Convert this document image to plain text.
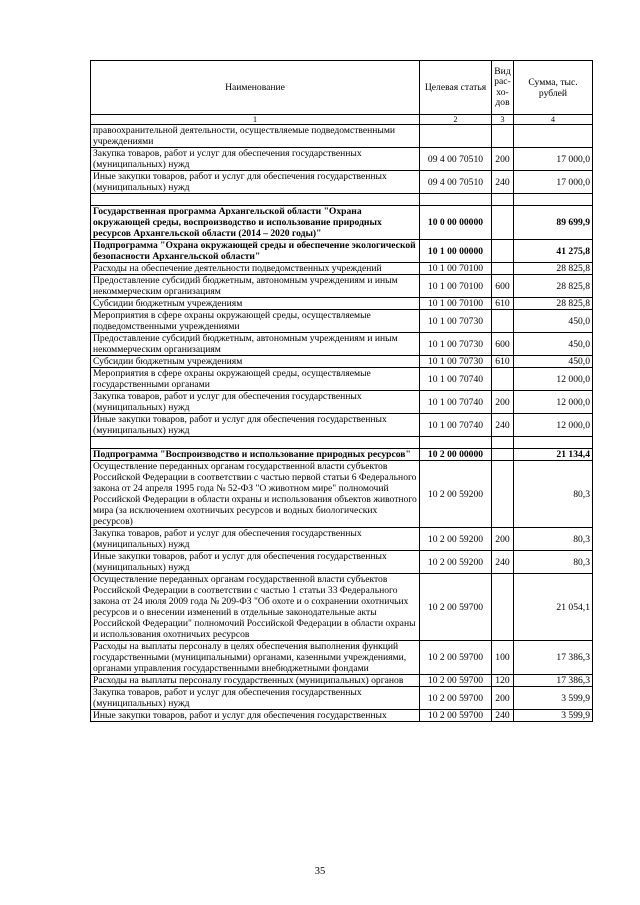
Наименование	Целевая статья	Вид рас-хо-дов	Сумма, тыс. рублей
1	2	3	4
правоохранительной деятельности, осуществляемые подведомственными учреждениями			
Закупка товаров, работ и услуг для обеспечения государственных (муниципальных) нужд	09 4 00 70510	200	17 000,0
Иные закупки товаров, работ и услуг для обеспечения государственных (муниципальных) нужд	09 4 00 70510	240	17 000,0

Государственная программа Архангельской области "Охрана окружающей среды, воспроизводство и использование природных ресурсов Архангельской области (2014 – 2020 годы)"	10 0 00 00000		89 699,9
Подпрограмма "Охрана окружающей среды и обеспечение экологической безопасности Архангельской области"	10 1 00 00000		41 275,8
Расходы на обеспечение деятельности подведомственных учреждений	10 1 00 70100		28 825,8
Предоставление субсидий бюджетным, автономным учреждениям и иным некоммерческим организациям	10 1 00 70100	600	28 825,8
Субсидии бюджетным учреждениям	10 1 00 70100	610	28 825,8
Мероприятия в сфере охраны окружающей среды, осуществляемые подведомственными учреждениями	10 1 00 70730		450,0
Предоставление субсидий бюджетным, автономным учреждениям и иным некоммерческим организациям	10 1 00 70730	600	450,0
Субсидии бюджетным учреждениям	10 1 00 70730	610	450,0
Мероприятия в сфере охраны окружающей среды, осуществляемые государственными органами	10 1 00 70740		12 000,0
Закупка товаров, работ и услуг для обеспечения государственных (муниципальных) нужд	10 1 00 70740	200	12 000,0
Иные закупки товаров, работ и услуг для обеспечения государственных (муниципальных) нужд	10 1 00 70740	240	12 000,0

Подпрограмма "Воспроизводство и использование природных ресурсов"	10 2 00 00000		21 134,4
Осуществление переданных органам государственной власти субъектов Российской Федерации в соответствии с частью первой статьи 6 Федерального закона от 24 апреля 1995 года № 52-ФЗ "О животном мире" полномочий Российской Федерации в области охраны и использования объектов животного мира (за исключением охотничьих ресурсов и водных биологических ресурсов)	10 2 00 59200		80,3
Закупка товаров, работ и услуг для обеспечения государственных (муниципальных) нужд	10 2 00 59200	200	80,3
Иные закупки товаров, работ и услуг для обеспечения государственных (муниципальных) нужд	10 2 00 59200	240	80,3
Осуществление переданных органам государственной власти субъектов Российской Федерации в соответствии с частью 1 статьи 33 Федерального закона от 24 июля 2009 года № 209-ФЗ "Об охоте и о сохранении охотничьих ресурсов и о внесении изменений в отдельные законодательные акты Российской Федерации" полномочий Российской Федерации в области охраны и использования охотничьих ресурсов	10 2 00 59700		21 054,1
Расходы на выплаты персоналу в целях обеспечения выполнения функций государственными (муниципальными) органами, казенными учреждениями, органами управления государственными внебюджетными фондами	10 2 00 59700	100	17 386,3
Расходы на выплаты персоналу государственных (муниципальных) органов	10 2 00 59700	120	17 386,3
Закупка товаров, работ и услуг для обеспечения государственных (муниципальных) нужд	10 2 00 59700	200	3 599,9
Иные закупки товаров, работ и услуг для обеспечения государственных	10 2 00 59700	240	3 599,9
35
